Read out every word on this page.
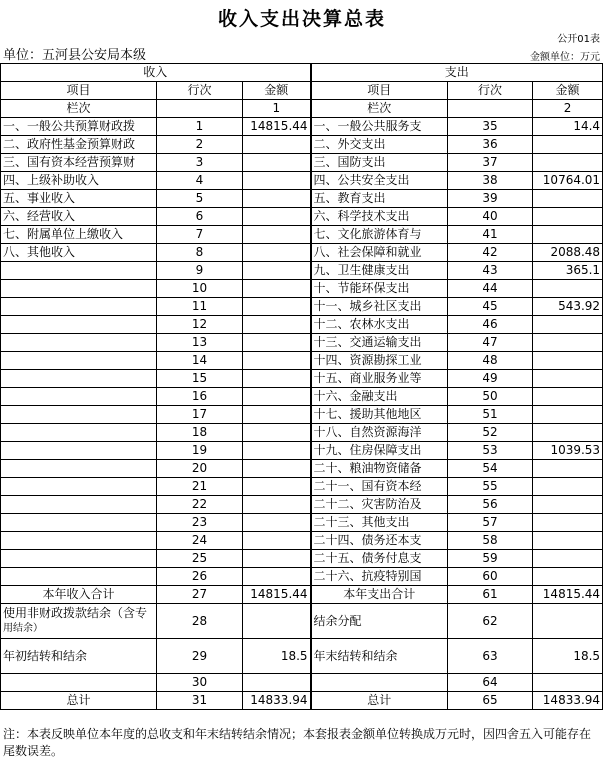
收入支出决算总表
公开01表
单位：五河县公安局本级	金额单位：万元
收入			支出		
项目	行次	金额	项目	行次	金额
栏次		1	栏次		2
一、一般公共预算财政拨	1	14815.44	一、一般公共服务支	35	14.4
二、政府性基金预算财政	2		二、外交支出	36	
三、国有资本经营预算财	3		三、国防支出	37	
四、上级补助收入	4		四、公共安全支出	38	10764.01
五、事业收入	5		五、教育支出	39	
六、经营收入	6		六、科学技术支出	40	
七、附属单位上缴收入	7		七、文化旅游体育与	41	
八、其他收入	8		八、社会保障和就业	42	2088.48
	9		九、卫生健康支出	43	365.1
	10		十、节能环保支出	44	
	11		十一、城乡社区支出	45	543.92
	12		十二、农林水支出	46	
	13		十三、交通运输支出	47	
	14		十四、资源勘探工业	48	
	15		十五、商业服务业等	49	
	16		十六、金融支出	50	
	17		十七、援助其他地区	51	
	18		十八、自然资源海洋	52	
	19		十九、住房保障支出	53	1039.53
	20		二十、粮油物资储备	54	
	21		二十一、国有资本经	55	
	22		二十二、灾害防治及	56	
	23		二十三、其他支出	57	
	24		二十四、债务还本支	58	
	25		二十五、债务付息支	59	
	26		二十六、抗疫特别国	60	
本年收入合计	27	14815.44	本年支出合计	61	14815.44
使用非财政拨款结余（含专
用结余）	28		结余分配	62	
年初结转和结余	29	18.5	年末结转和结余	63	18.5
	30			64	
总计	31	14833.94	总计	65	14833.94
注：本表反映单位本年度的总收支和年末结转结余情况；本套报表金额单位转换成万元时，因四舍五入可能存在尾数误差。
